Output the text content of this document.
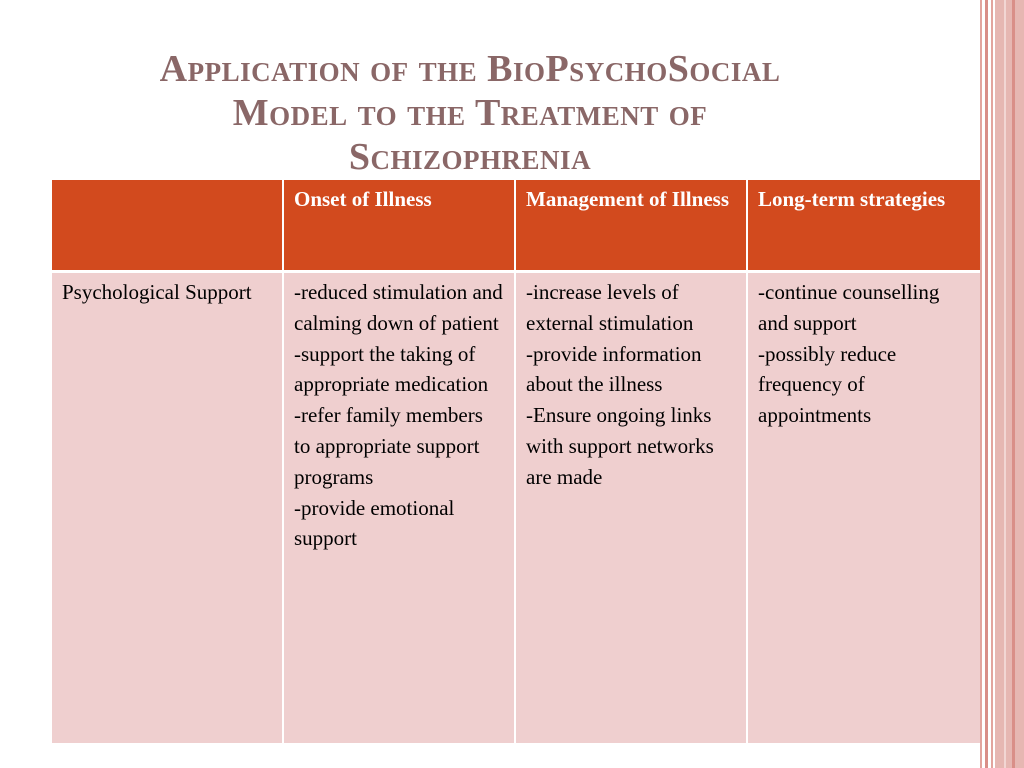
Application of the BioPsychoSocial
Model to the Treatment of
Schizophrenia
	Onset of Illness	Management of Illness	Long-term strategies
Psychological Support	-reduced stimulation and calming down of patient
-support the taking of appropriate medication
-refer family members to appropriate support programs
-provide emotional support	-increase levels of external stimulation
-provide information about the illness
-Ensure ongoing links with support networks are made	-continue counselling and support
-possibly reduce frequency of appointments
